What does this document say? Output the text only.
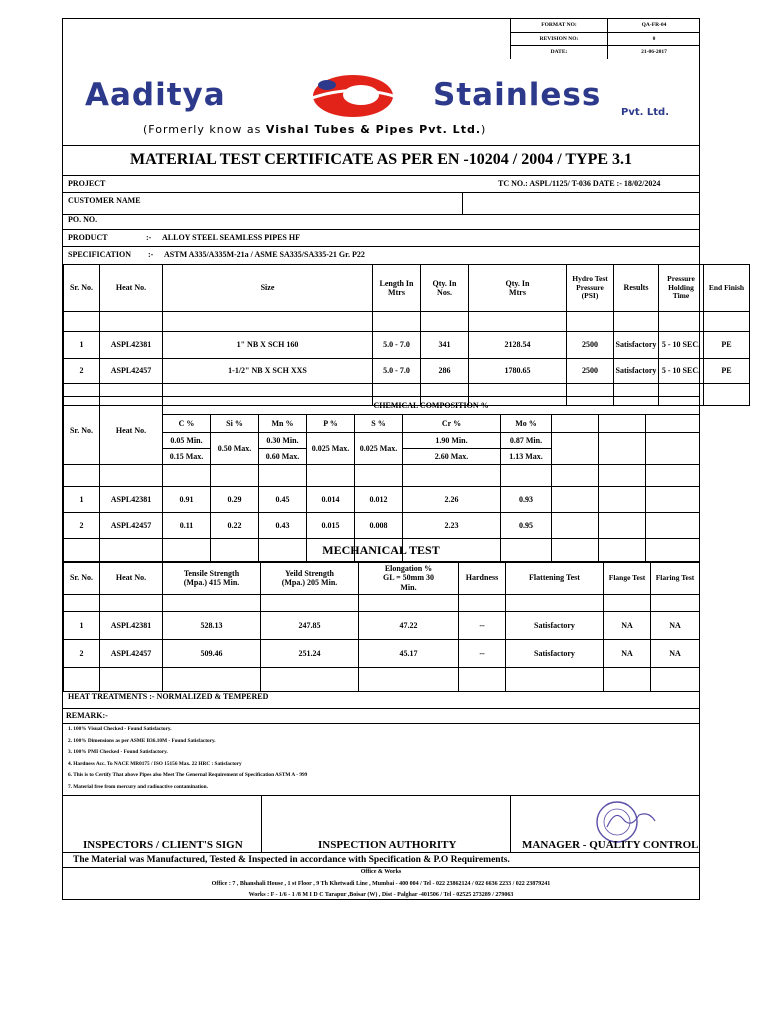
FORMAT NO:	QA-FR-04
REVISION NO:	0
DATE:	21-06-2017
Aaditya	Stainless Pvt. Ltd.
(Formerly know as Vishal Tubes & Pipes Pvt. Ltd.)
MATERIAL TEST CERTIFICATE AS PER EN -10204 / 2004 / TYPE 3.1
PROJECT	TC NO.: ASPL/1125/ T-036 DATE :- 18/02/2024
CUSTOMER NAME
PO. NO.
PRODUCT	:- ALLOY STEEL SEAMLESS PIPES HF
SPECIFICATION :- ASTM A335/A335M-21a / ASME SA335/SA335-21 Gr. P22
Sr. No.	Heat No.	Size	Length In Mtrs	Qty. In Nos.	Qty. In Mtrs	Hydro Test Pressure (PSI)	Results	Pressure Holding Time	End Finish

1	ASPL42381	1" NB X SCH 160	5.0 - 7.0	341	2128.54	2500	Satisfactory	5 - 10 SEC.	PE
2	ASPL42457	1-1/2" NB X SCH XXS	5.0 - 7.0	286	1780.65	2500	Satisfactory	5 - 10 SEC.	PE

Sr. No.	Heat No.	CHEMICAL COMPOSITION %									
		C %	Si %	Mn %	P %	S %	Cr %	Mo %			
		0.05 Min.	0.50 Max.	0.30 Min.	0.025 Max.	0.025 Max.	1.90 Min.	0.87 Min.			
		0.15 Max.		0.60 Max.			2.60 Max.	1.13 Max.			

1	ASPL42381	0.91	0.29	0.45	0.014	0.012	2.26	0.93			
2	ASPL42457	0.11	0.22	0.43	0.015	0.008	2.23	0.95			

MECHANICAL TEST
Sr. No.	Heat No.	Tensile Strength (Mpa.) 415 Min.	Yeild Strength (Mpa.) 205 Min.	Elongation % GL = 50mm 30 Min.	Hardness	Flattening Test	Flange Test	Flaring Test

1	ASPL42381	528.13	247.85	47.22	--	Satisfactory	NA	NA
2	ASPL42457	509.46	251.24	45.17	--	Satisfactory	NA	NA

HEAT TREATMENTS :- NORMALIZED & TEMPERED
REMARK:-
1. 100% Visual Checked - Found Satisfactory.
2. 100% Dimensions as per ASME B36.10M - Found Satisfactory.
3. 100% PMI Checked - Found Satisfactory.
4. Hardness Acc. To NACE MR0175 / ISO 15156 Max. 22 HRC : Satisfactory
6. This is to Certify That above Pipes also Meet The Genernal Requirement of Specification ASTM A - 999
7. Material free from mercury and radioactive contamination.
INSPECTORS / CLIENT'S SIGN	INSPECTION AUTHORITY	MANAGER - QUALITY CONTROL
The Material was Manufactured, Tested & Inspected in accordance with Specification & P.O Requirements.
Office & Works
Office : 7 , Bhanshali House , 1 st Floor , 9 Th Khetwadi Line , Mumbai - 400 004 / Tel - 022 23862124 / 022 6636 2233 / 022 23879241
Works : F - 1/6 - 1 /8 M I D C Tarapur ,Boisar (W) , Dist - Palghar -401506 / Tel - 02525 273289 / 279063
